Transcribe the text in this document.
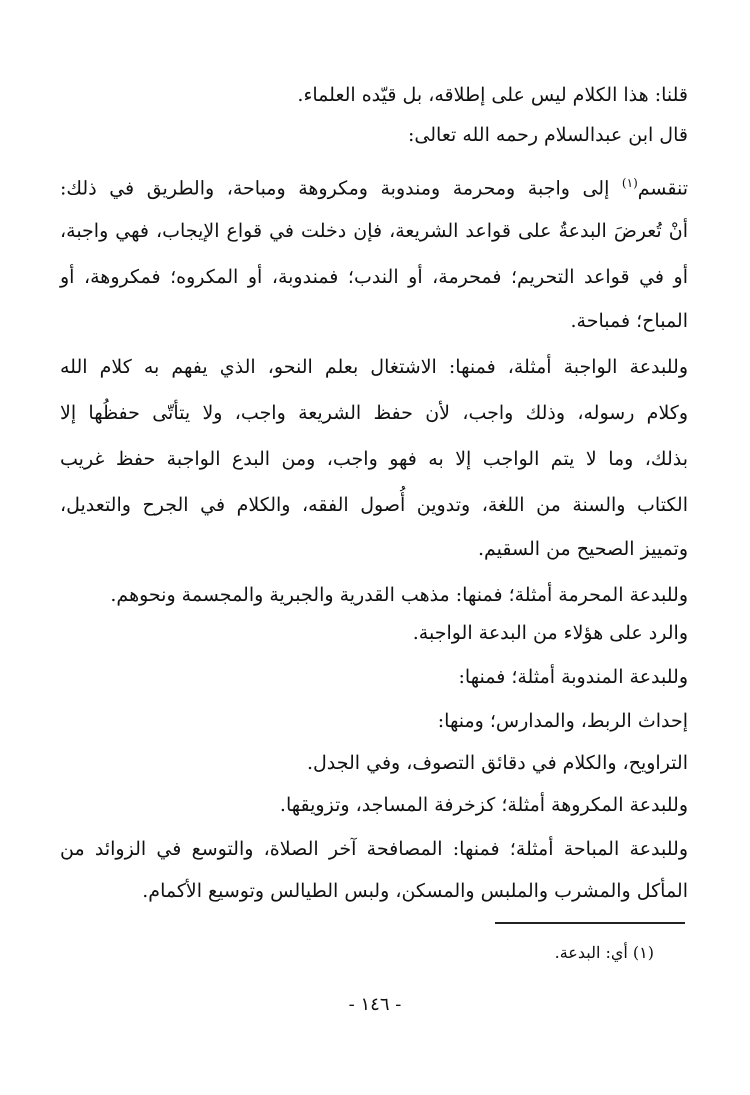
قلنا: هذا الكلام ليس على إطلاقه، بل قيّده العلماء.
قال ابن عبدالسلام رحمه الله تعالى:
تنقسم$^{(١)}$ إلى واجبة ومحرمة ومندوبة ومكروهة ومباحة، والطريق في ذلك:
أنْ تُعرضَ البدعةُ على قواعد الشريعة، فإن دخلت في قواع الإيجاب، فهي واجبة،
أو في قواعد التحريم؛ فمحرمة، أو الندب؛ فمندوبة، أو المكروه؛ فمكروهة، أو
المباح؛ فمباحة.
وللبدعة الواجبة أمثلة، فمنها: الاشتغال بعلم النحو، الذي يفهم به كلام الله
وكلام رسوله، وذلك واجب، لأن حفظ الشريعة واجب، ولا يتأتّى حفظُها إلا
بذلك، وما لا يتم الواجب إلا به فهو واجب، ومن البدع الواجبة حفظ غريب
الكتاب والسنة من اللغة، وتدوين أُصول الفقه، والكلام في الجرح والتعديل،
وتمييز الصحيح من السقيم.
وللبدعة المحرمة أمثلة؛ فمنها: مذهب القدرية والجبرية والمجسمة ونحوهم.
والرد على هؤلاء من البدعة الواجبة.
وللبدعة المندوبة أمثلة؛ فمنها:
إحداث الربط، والمدارس؛ ومنها:
التراويح، والكلام في دقائق التصوف، وفي الجدل.
وللبدعة المكروهة أمثلة؛ كزخرفة المساجد، وتزويقها.
وللبدعة المباحة أمثلة؛ فمنها: المصافحة آخر الصلاة، والتوسع في الزوائد من
المأكل والمشرب والملبس والمسكن، ولبس الطيالس وتوسيع الأكمام.
(١) أي: البدعة.
- ١٤٦ -
